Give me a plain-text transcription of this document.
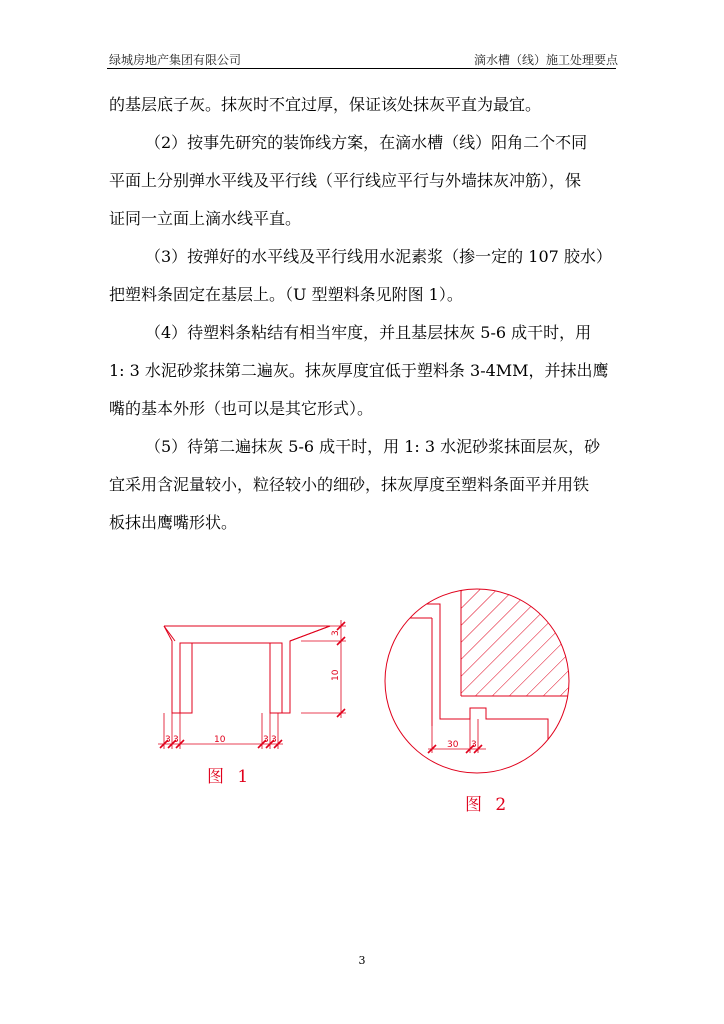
绿城房地产集团有限公司	滴水槽（线）施工处理要点
的基层底子灰。抹灰时不宜过厚，保证该处抹灰平直为最宜。
（2）按事先研究的装饰线方案，在滴水槽（线）阳角二个不同
平面上分别弹水平线及平行线（平行线应平行与外墙抹灰冲筋），保
证同一立面上滴水线平直。
（3）按弹好的水平线及平行线用水泥素浆（掺一定的 107 胶水）
把塑料条固定在基层上。（U 型塑料条见附图 1）。
（4）待塑料条粘结有相当牢度，并且基层抹灰 5-6 成干时，用
1: 3 水泥砂浆抹第二遍灰。抹灰厚度宜低于塑料条 3-4MM，并抹出鹰
嘴的基本外形（也可以是其它形式）。
（5）待第二遍抹灰 5-6 成干时，用 1: 3 水泥砂浆抹面层灰，砂
宜采用含泥量较小，粒径较小的细砂，抹灰厚度至塑料条面平并用铁
板抹出鹰嘴形状。
3 3	10	3 3
3
10
30 3
图 1
图 2
3
